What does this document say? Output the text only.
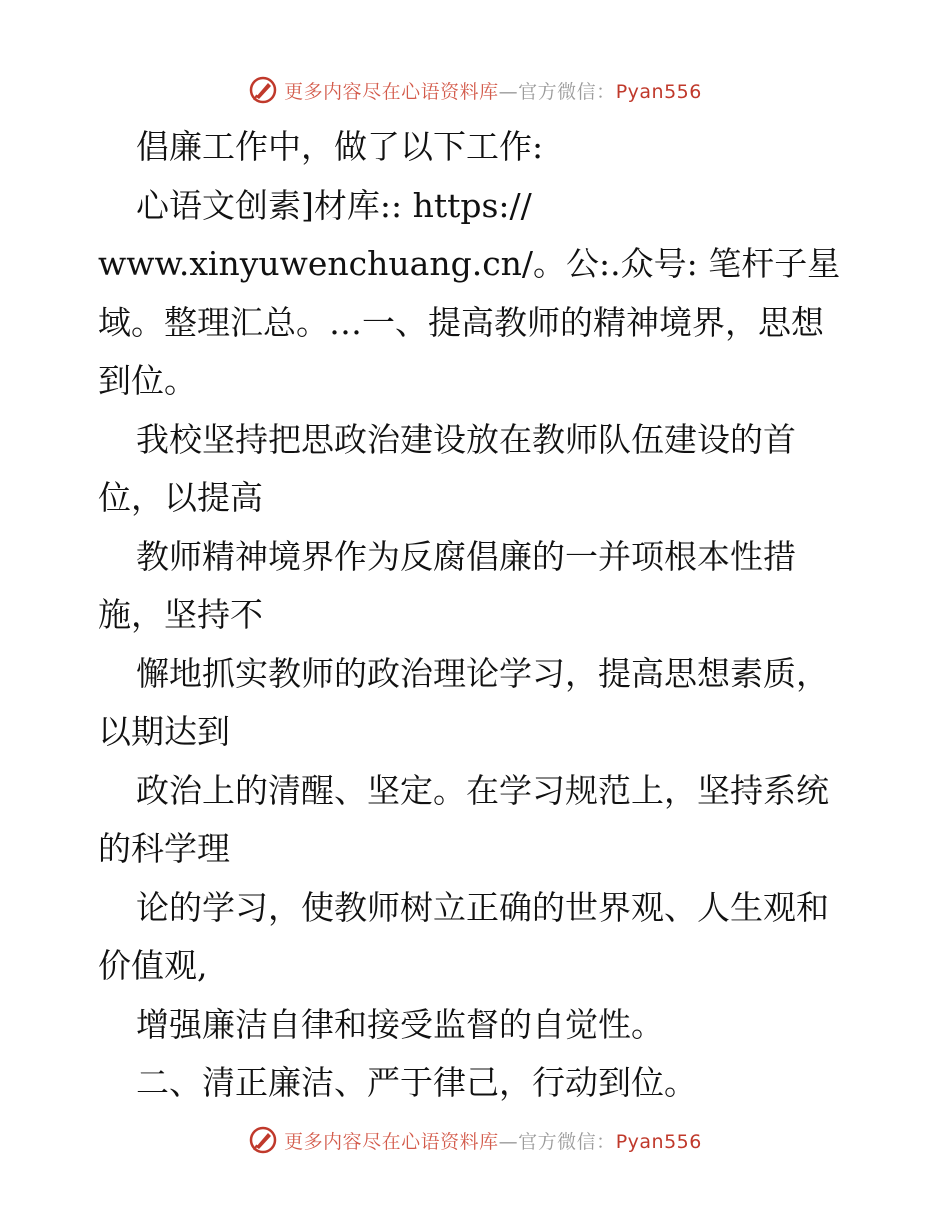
更多内容尽在心语资料库—官方微信：Pyan556
倡廉工作中，做了以下工作:
心语文创素]材库:: https://
www.xinyuwenchuang.cn/。公:.众号: 笔杆子星
域。整理汇总。…一、提高教师的精神境界，思想
到位。
我校坚持把思政治建设放在教师队伍建设的首
位，以提高
教师精神境界作为反腐倡廉的一并项根本性措
施，坚持不
懈地抓实教师的政治理论学习，提高思想素质，
以期达到
政治上的清醒、坚定。在学习规范上，坚持系统
的科学理
论的学习，使教师树立正确的世界观、人生观和
价值观,
增强廉洁自律和接受监督的自觉性。
二、清正廉洁、严于律己，行动到位。
更多内容尽在心语资料库—官方微信：Pyan556
